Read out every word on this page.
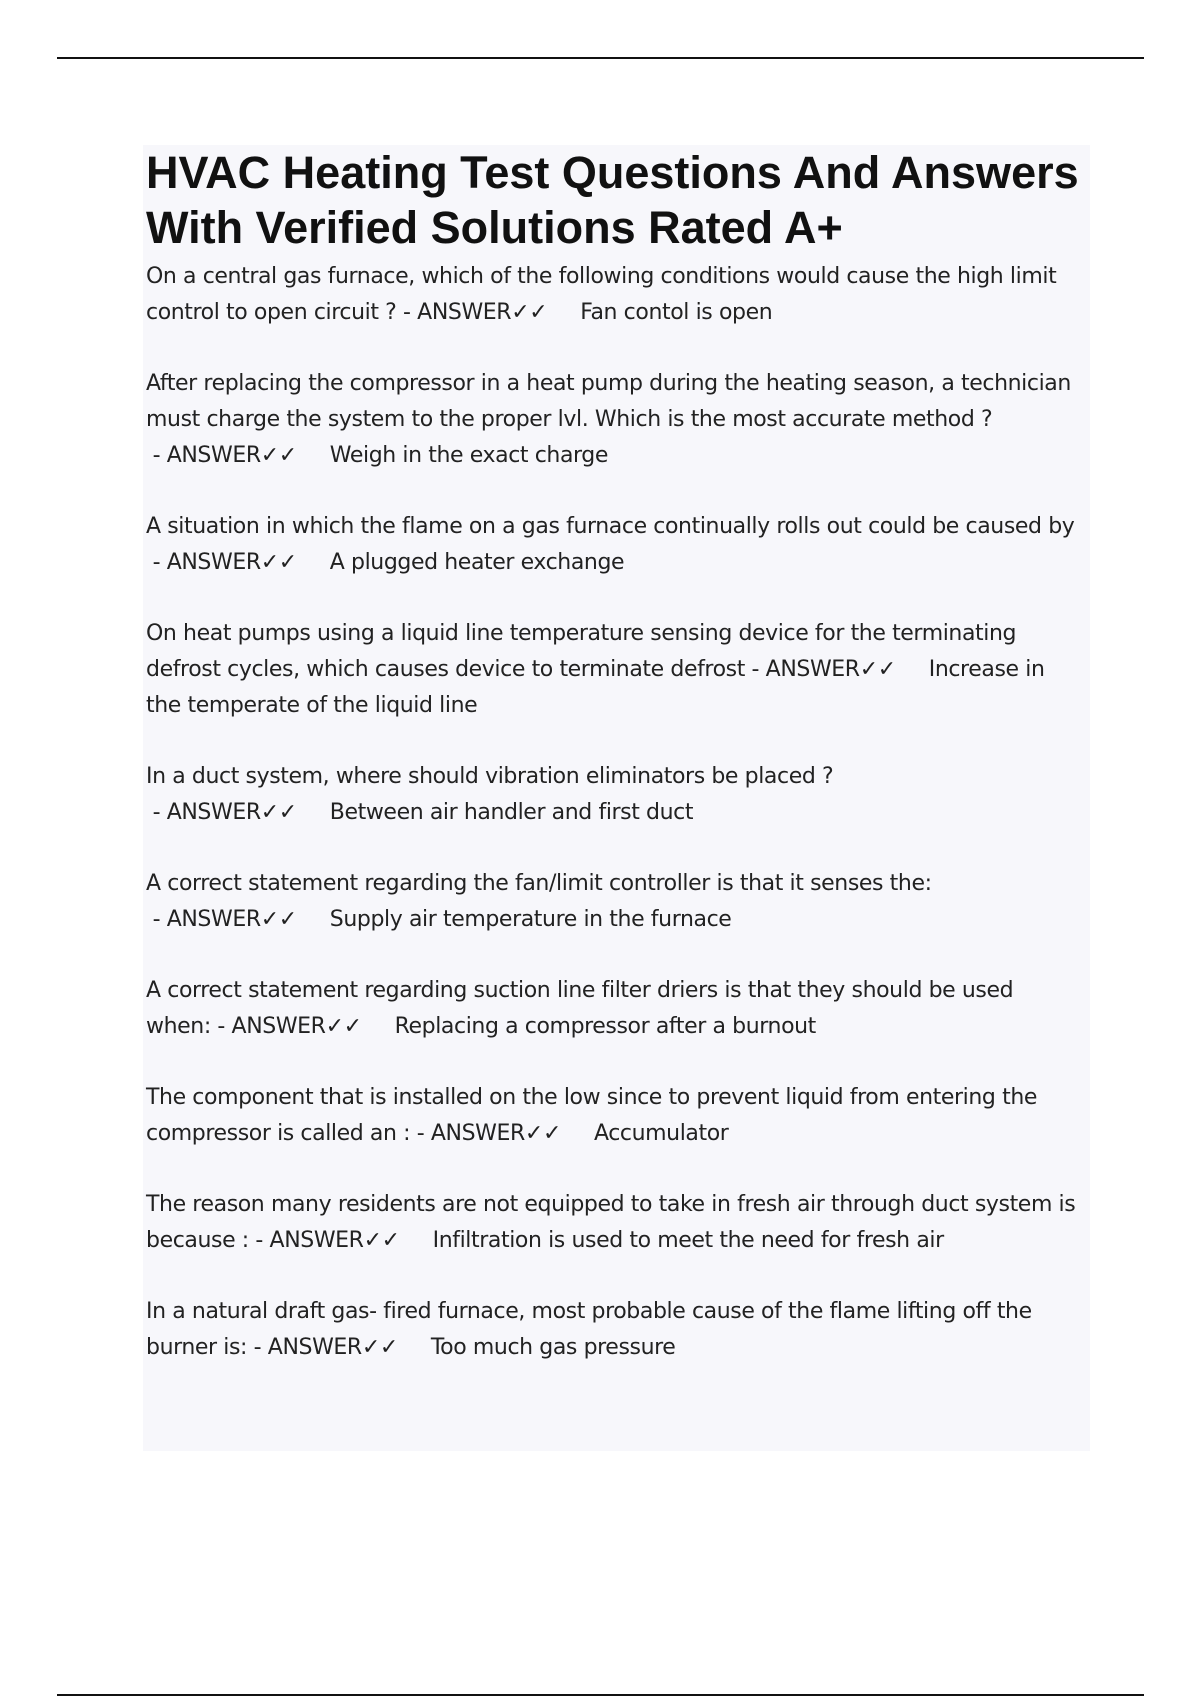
HVAC Heating Test Questions And Answers With Verified Solutions Rated A+

On a central gas furnace, which of the following conditions would cause the high limit control to open circuit ? - ANSWER✓✓ Fan contol is open

After replacing the compressor in a heat pump during the heating season, a technician must charge the system to the proper lvl. Which is the most accurate method ? - ANSWER✓✓ Weigh in the exact charge

A situation in which the flame on a gas furnace continually rolls out could be caused by - ANSWER✓✓ A plugged heater exchange

On heat pumps using a liquid line temperature sensing device for the terminating defrost cycles, which causes device to terminate defrost - ANSWER✓✓ Increase in the temperate of the liquid line

In a duct system, where should vibration eliminators be placed ? - ANSWER✓✓ Between air handler and first duct

A correct statement regarding the fan/limit controller is that it senses the: - ANSWER✓✓ Supply air temperature in the furnace

A correct statement regarding suction line filter driers is that they should be used when: - ANSWER✓✓ Replacing a compressor after a burnout

The component that is installed on the low since to prevent liquid from entering the compressor is called an : - ANSWER✓✓ Accumulator

The reason many residents are not equipped to take in fresh air through duct system is because : - ANSWER✓✓ Infiltration is used to meet the need for fresh air

In a natural draft gas- fired furnace, most probable cause of the flame lifting off the burner is: - ANSWER✓✓ Too much gas pressure
